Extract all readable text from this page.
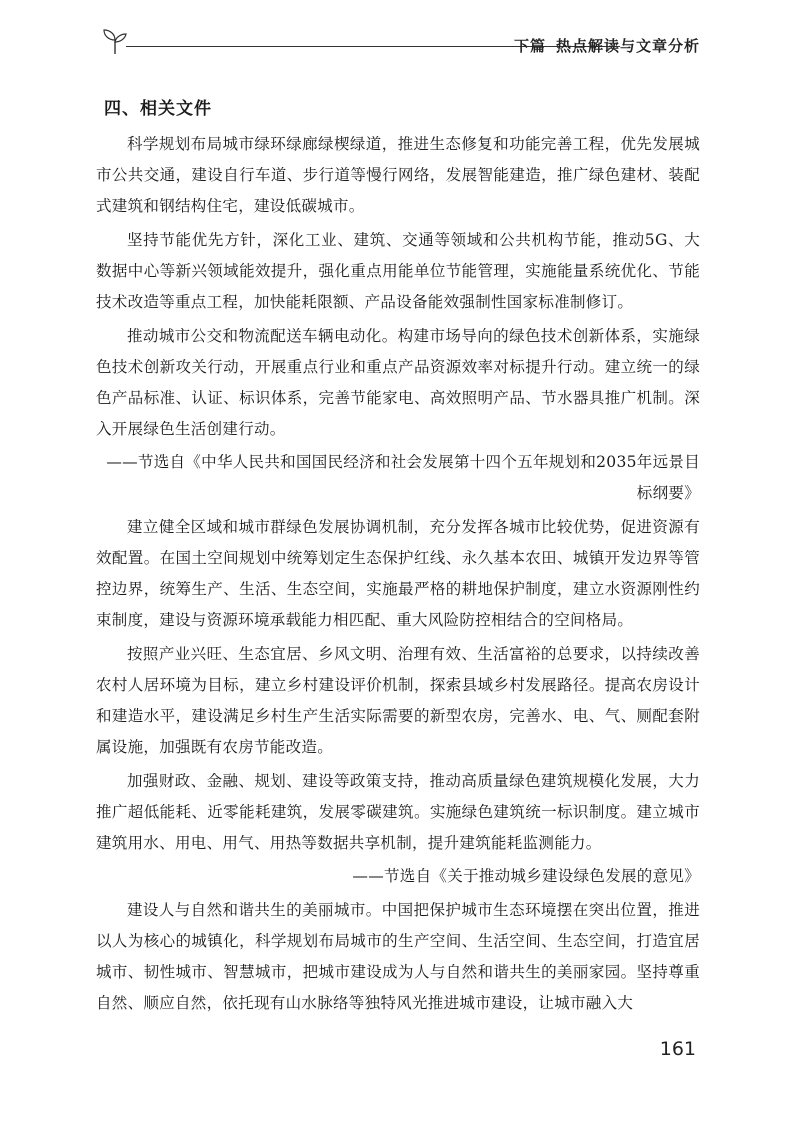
下篇 热点解读与文章分析
四、相关文件

科学规划布局城市绿环绿廊绿楔绿道，推进生态修复和功能完善工程，优先发展城市公共交通，建设自行车道、步行道等慢行网络，发展智能建造，推广绿色建材、装配式建筑和钢结构住宅，建设低碳城市。

坚持节能优先方针，深化工业、建筑、交通等领域和公共机构节能，推动5G、大数据中心等新兴领域能效提升，强化重点用能单位节能管理，实施能量系统优化、节能技术改造等重点工程，加快能耗限额、产品设备能效强制性国家标准制修订。

推动城市公交和物流配送车辆电动化。构建市场导向的绿色技术创新体系，实施绿色技术创新攻关行动，开展重点行业和重点产品资源效率对标提升行动。建立统一的绿色产品标准、认证、标识体系，完善节能家电、高效照明产品、节水器具推广机制。深入开展绿色生活创建行动。

——节选自《中华人民共和国国民经济和社会发展第十四个五年规划和2035年远景目标纲要》

建立健全区域和城市群绿色发展协调机制，充分发挥各城市比较优势，促进资源有效配置。在国土空间规划中统筹划定生态保护红线、永久基本农田、城镇开发边界等管控边界，统筹生产、生活、生态空间，实施最严格的耕地保护制度，建立水资源刚性约束制度，建设与资源环境承载能力相匹配、重大风险防控相结合的空间格局。

按照产业兴旺、生态宜居、乡风文明、治理有效、生活富裕的总要求，以持续改善农村人居环境为目标，建立乡村建设评价机制，探索县域乡村发展路径。提高农房设计和建造水平，建设满足乡村生产生活实际需要的新型农房，完善水、电、气、厕配套附属设施，加强既有农房节能改造。

加强财政、金融、规划、建设等政策支持，推动高质量绿色建筑规模化发展，大力推广超低能耗、近零能耗建筑，发展零碳建筑。实施绿色建筑统一标识制度。建立城市建筑用水、用电、用气、用热等数据共享机制，提升建筑能耗监测能力。

——节选自《关于推动城乡建设绿色发展的意见》

建设人与自然和谐共生的美丽城市。中国把保护城市生态环境摆在突出位置，推进以人为核心的城镇化，科学规划布局城市的生产空间、生活空间、生态空间，打造宜居城市、韧性城市、智慧城市，把城市建设成为人与自然和谐共生的美丽家园。坚持尊重自然、顺应自然，依托现有山水脉络等独特风光推进城市建设，让城市融入大

161
